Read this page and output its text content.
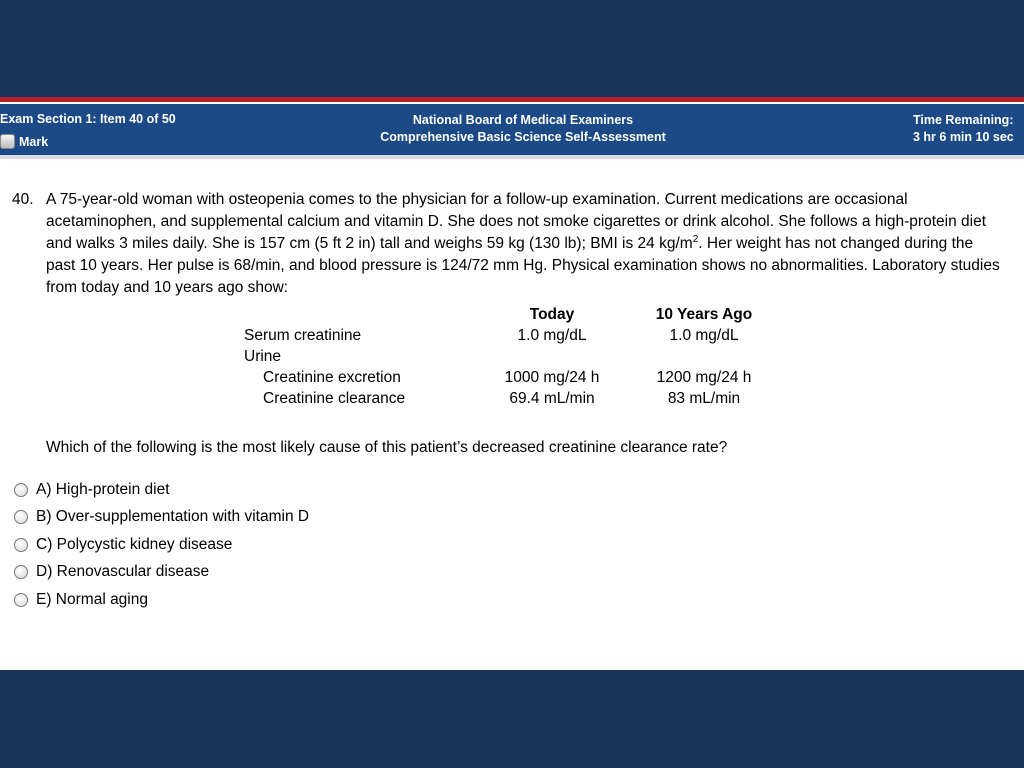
Exam Section 1: Item 40 of 50
Mark
National Board of Medical Examiners
Comprehensive Basic Science Self-Assessment
Time Remaining:
3 hr 6 min 10 sec
40. A 75-year-old woman with osteopenia comes to the physician for a follow-up examination. Current medications are occasional acetaminophen, and supplemental calcium and vitamin D. She does not smoke cigarettes or drink alcohol. She follows a high-protein diet and walks 3 miles daily. She is 157 cm (5 ft 2 in) tall and weighs 59 kg (130 lb); BMI is 24 $kg/m^2$. Her weight has not changed during the past 10 years. Her pulse is 68/min, and blood pressure is 124/72 mm Hg. Physical examination shows no abnormalities. Laboratory studies from today and 10 years ago show:
	Today		10 Years Ago
Serum creatinine	1.0 mg/dL		1.0 mg/dL
Urine			
Creatinine excretion	1000 mg/24 h		1200 mg/24 h
Creatinine clearance	69.4 mL/min		83 mL/min
Which of the following is the most likely cause of this patient’s decreased creatinine clearance rate?
A) High-protein diet
B) Over-supplementation with vitamin D
C) Polycystic kidney disease
D) Renovascular disease
E) Normal aging
